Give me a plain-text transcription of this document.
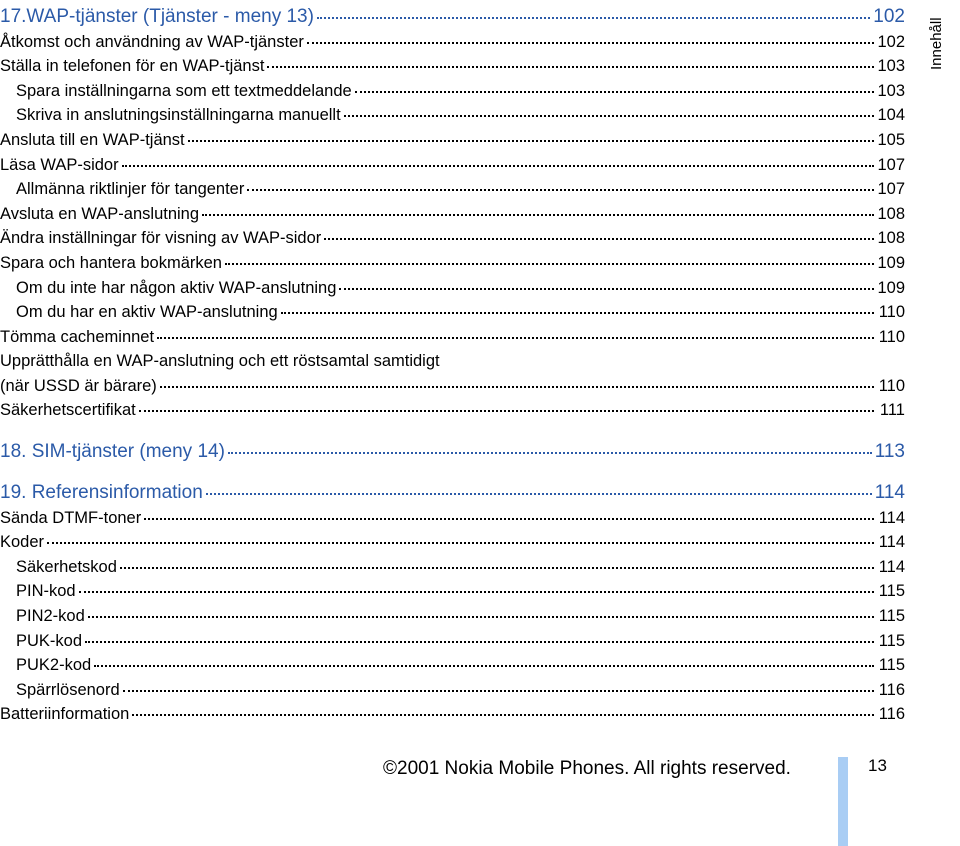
17.WAP-tjänster (Tjänster - meny 13)	102
Åtkomst och användning av WAP-tjänster	102
Ställa in telefonen för en WAP-tjänst	103
Spara inställningarna som ett textmeddelande	103
Skriva in anslutningsinställningarna manuellt	104
Ansluta till en WAP-tjänst	105
Läsa WAP-sidor	107
Allmänna riktlinjer för tangenter	107
Avsluta en WAP-anslutning	108
Ändra inställningar för visning av WAP-sidor	108
Spara och hantera bokmärken	109
Om du inte har någon aktiv WAP-anslutning	109
Om du har en aktiv WAP-anslutning	110
Tömma cacheminnet	110
Upprätthålla en WAP-anslutning och ett röstsamtal samtidigt
(när USSD är bärare)	110
Säkerhetscertifikat	111
18. SIM-tjänster (meny 14)	113
19. Referensinformation	114
Sända DTMF-toner	114
Koder	114
Säkerhetskod	114
PIN-kod	115
PIN2-kod	115
PUK-kod	115
PUK2-kod	115
Spärrlösenord	116
Batteriinformation	116
Innehåll
©2001 Nokia Mobile Phones. All rights reserved.	13
